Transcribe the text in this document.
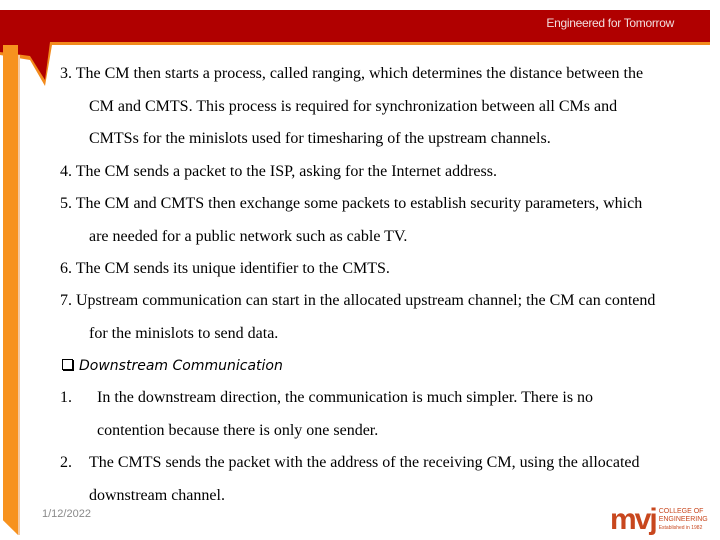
Engineered for Tomorrow
3. The CM then starts a process, called ranging, which determines the distance between the
CM and CMTS. This process is required for synchronization between all CMs and
CMTSs for the minislots used for timesharing of the upstream channels.
4. The CM sends a packet to the ISP, asking for the Internet address.
5. The CM and CMTS then exchange some packets to establish security parameters, which
are needed for a public network such as cable TV.
6. The CM sends its unique identifier to the CMTS.
7. Upstream communication can start in the allocated upstream channel; the CM can contend
for the minislots to send data.
Downstream Communication
1. In the downstream direction, the communication is much simpler. There is no
contention because there is only one sender.
2. The CMTS sends the packet with the address of the receiving CM, using the allocated
downstream channel.
1/12/2022	mvj COLLEGE OF
ENGINEERING
Established in 1982
